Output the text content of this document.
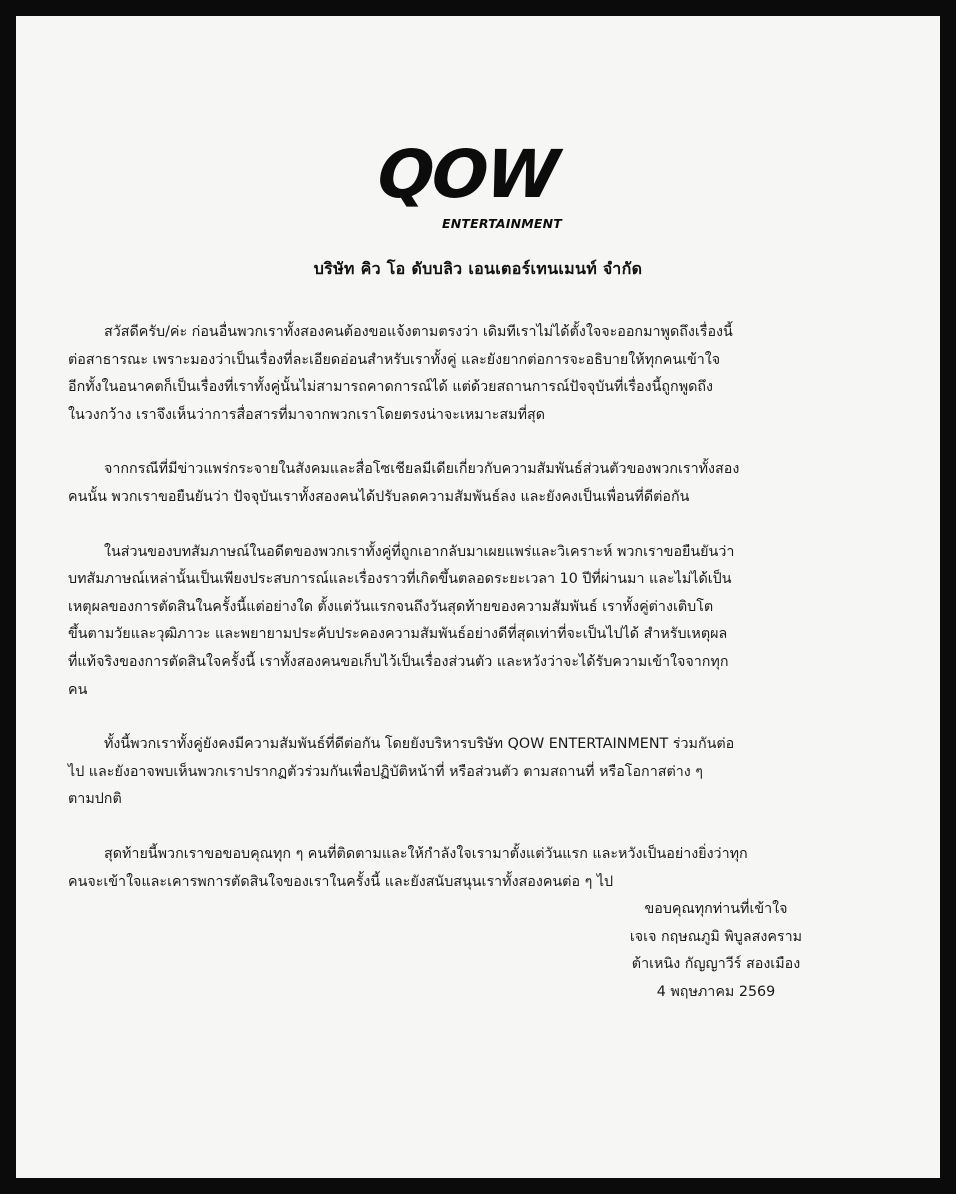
QOW
ENTERTAINMENT
บริษัท คิว โอ ดับบลิว เอนเตอร์เทนเมนท์ จำกัด

สวัสดีครับ/ค่ะ ก่อนอื่นพวกเราทั้งสองคนต้องขอแจ้งตามตรงว่า เดิมทีเราไม่ได้ตั้งใจจะออกมาพูดถึงเรื่องนี้
ต่อสาธารณะ เพราะมองว่าเป็นเรื่องที่ละเอียดอ่อนสำหรับเราทั้งคู่ และยังยากต่อการจะอธิบายให้ทุกคนเข้าใจ
อีกทั้งในอนาคตก็เป็นเรื่องที่เราทั้งคู่นั้นไม่สามารถคาดการณ์ได้ แต่ด้วยสถานการณ์ปัจจุบันที่เรื่องนี้ถูกพูดถึง
ในวงกว้าง เราจึงเห็นว่าการสื่อสารที่มาจากพวกเราโดยตรงน่าจะเหมาะสมที่สุด

จากกรณีที่มีข่าวแพร่กระจายในสังคมและสื่อโซเชียลมีเดียเกี่ยวกับความสัมพันธ์ส่วนตัวของพวกเราทั้งสอง
คนนั้น พวกเราขอยืนยันว่า ปัจจุบันเราทั้งสองคนได้ปรับลดความสัมพันธ์ลง และยังคงเป็นเพื่อนที่ดีต่อกัน

ในส่วนของบทสัมภาษณ์ในอดีตของพวกเราทั้งคู่ที่ถูกเอากลับมาเผยแพร่และวิเคราะห์ พวกเราขอยืนยันว่า
บทสัมภาษณ์เหล่านั้นเป็นเพียงประสบการณ์และเรื่องราวที่เกิดขึ้นตลอดระยะเวลา 10 ปีที่ผ่านมา และไม่ได้เป็น
เหตุผลของการตัดสินในครั้งนี้แต่อย่างใด ตั้งแต่วันแรกจนถึงวันสุดท้ายของความสัมพันธ์ เราทั้งคู่ต่างเติบโต
ขึ้นตามวัยและวุฒิภาวะ และพยายามประคับประคองความสัมพันธ์อย่างดีที่สุดเท่าที่จะเป็นไปได้ สำหรับเหตุผล
ที่แท้จริงของการตัดสินใจครั้งนี้ เราทั้งสองคนขอเก็บไว้เป็นเรื่องส่วนตัว และหวังว่าจะได้รับความเข้าใจจากทุก
คน

ทั้งนี้พวกเราทั้งคู่ยังคงมีความสัมพันธ์ที่ดีต่อกัน โดยยังบริหารบริษัท QOW ENTERTAINMENT ร่วมกันต่อ
ไป และยังอาจพบเห็นพวกเราปรากฏตัวร่วมกันเพื่อปฏิบัติหน้าที่ หรือส่วนตัว ตามสถานที่ หรือโอกาสต่าง ๆ
ตามปกติ

สุดท้ายนี้พวกเราขอขอบคุณทุก ๆ คนที่ติดตามและให้กำลังใจเรามาตั้งแต่วันแรก และหวังเป็นอย่างยิ่งว่าทุก
คนจะเข้าใจและเคารพการตัดสินใจของเราในครั้งนี้ และยังสนับสนุนเราทั้งสองคนต่อ ๆ ไป

ขอบคุณทุกท่านที่เข้าใจ
เจเจ กฤษณภูมิ พิบูลสงคราม
ต้าเหนิง กัญญาวีร์ สองเมือง
4 พฤษภาคม 2569
